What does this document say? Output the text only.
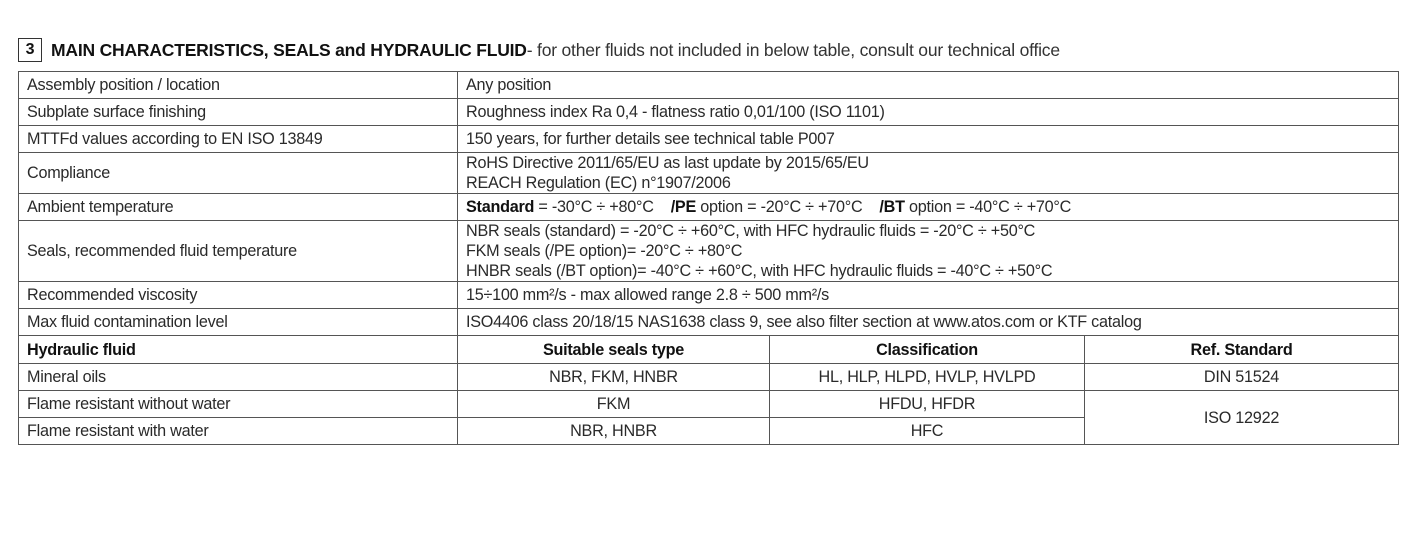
3 MAIN CHARACTERISTICS, SEALS and HYDRAULIC FLUID - for other fluids not included in below table, consult our technical office
Assembly position / location	Any position		
Subplate surface finishing	Roughness index Ra 0,4 - flatness ratio 0,01/100 (ISO 1101)		
MTTFd values according to EN ISO 13849	150 years, for further details see technical table P007		
Compliance	RoHS Directive 2011/65/EU as last update by 2015/65/EU
REACH Regulation (EC) n°1907/2006		

Ambient temperature	Standard = -30°C ÷ +80°C /PE option = -20°C ÷ +70°C /BT option = -40°C ÷ +70°C		
Seals, recommended fluid temperature	NBR seals (standard) = -20°C ÷ +60°C, with HFC hydraulic fluids = -20°C ÷ +50°C
FKM seals (/PE option)= -20°C ÷ +80°C
HNBR seals (/BT option)= -40°C ÷ +60°C, with HFC hydraulic fluids = -40°C ÷ +50°C		

Recommended viscosity	15÷100 mm²/s - max allowed range 2.8 ÷ 500 mm²/s		
Max fluid contamination level	ISO4406 class 20/18/15 NAS1638 class 9, see also filter section at www.atos.com or KTF catalog		
Hydraulic fluid	Suitable seals type	Classification	Ref. Standard
Mineral oils	NBR, FKM, HNBR	HL, HLP, HLPD, HVLP, HVLPD	DIN 51524
Flame resistant without water	FKM	HFDU, HFDR	ISO 12922
Flame resistant with water	NBR, HNBR	HFC	
